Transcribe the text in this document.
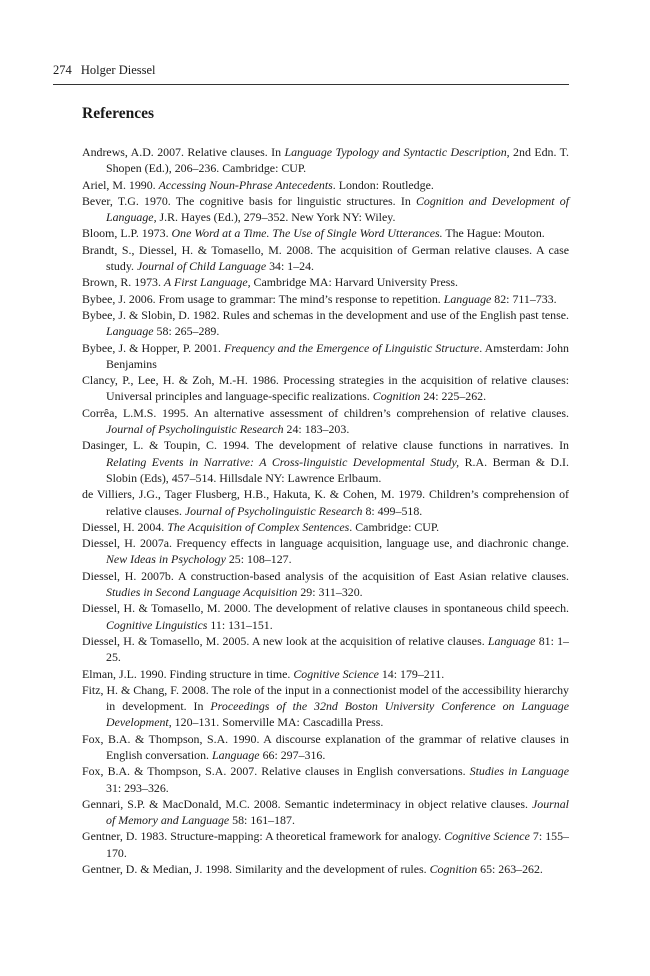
274 Holger Diessel
References
Andrews, A.D. 2007. Relative clauses. In Language Typology and Syntactic Description, 2nd Edn. T. Shopen (Ed.), 206–236. Cambridge: CUP.
Ariel, M. 1990. Accessing Noun-Phrase Antecedents. London: Routledge.
Bever, T.G. 1970. The cognitive basis for linguistic structures. In Cognition and Development of Language, J.R. Hayes (Ed.), 279–352. New York NY: Wiley.
Bloom, L.P. 1973. One Word at a Time. The Use of Single Word Utterances. The Hague: Mouton.
Brandt, S., Diessel, H. & Tomasello, M. 2008. The acquisition of German relative clauses. A case study. Journal of Child Language 34: 1–24.
Brown, R. 1973. A First Language, Cambridge MA: Harvard University Press.
Bybee, J. 2006. From usage to grammar: The mind’s response to repetition. Language 82: 711–733.
Bybee, J. & Slobin, D. 1982. Rules and schemas in the development and use of the English past tense. Language 58: 265–289.
Bybee, J. & Hopper, P. 2001. Frequency and the Emergence of Linguistic Structure. Amsterdam: John Benjamins
Clancy, P., Lee, H. & Zoh, M.-H. 1986. Processing strategies in the acquisition of relative clauses: Universal principles and language-specific realizations. Cognition 24: 225–262.
Corrêa, L.M.S. 1995. An alternative assessment of children’s comprehension of relative clauses. Journal of Psycholinguistic Research 24: 183–203.
Dasinger, L. & Toupin, C. 1994. The development of relative clause functions in narratives. In Relating Events in Narrative: A Cross-linguistic Developmental Study, R.A. Berman & D.I. Slobin (Eds), 457–514. Hillsdale NY: Lawrence Erlbaum.
de Villiers, J.G., Tager Flusberg, H.B., Hakuta, K. & Cohen, M. 1979. Children’s comprehension of relative clauses. Journal of Psycholinguistic Research 8: 499–518.
Diessel, H. 2004. The Acquisition of Complex Sentences. Cambridge: CUP.
Diessel, H. 2007a. Frequency effects in language acquisition, language use, and diachronic change. New Ideas in Psychology 25: 108–127.
Diessel, H. 2007b. A construction-based analysis of the acquisition of East Asian relative clauses. Studies in Second Language Acquisition 29: 311–320.
Diessel, H. & Tomasello, M. 2000. The development of relative clauses in spontaneous child speech. Cognitive Linguistics 11: 131–151.
Diessel, H. & Tomasello, M. 2005. A new look at the acquisition of relative clauses. Language 81: 1–25.
Elman, J.L. 1990. Finding structure in time. Cognitive Science 14: 179–211.
Fitz, H. & Chang, F. 2008. The role of the input in a connectionist model of the accessibility hierarchy in development. In Proceedings of the 32nd Boston University Conference on Language Development, 120–131. Somerville MA: Cascadilla Press.
Fox, B.A. & Thompson, S.A. 1990. A discourse explanation of the grammar of relative clauses in English conversation. Language 66: 297–316.
Fox, B.A. & Thompson, S.A. 2007. Relative clauses in English conversations. Studies in Language 31: 293–326.
Gennari, S.P. & MacDonald, M.C. 2008. Semantic indeterminacy in object relative clauses. Journal of Memory and Language 58: 161–187.
Gentner, D. 1983. Structure-mapping: A theoretical framework for analogy. Cognitive Science 7: 155–170.
Gentner, D. & Median, J. 1998. Similarity and the development of rules. Cognition 65: 263–262.
